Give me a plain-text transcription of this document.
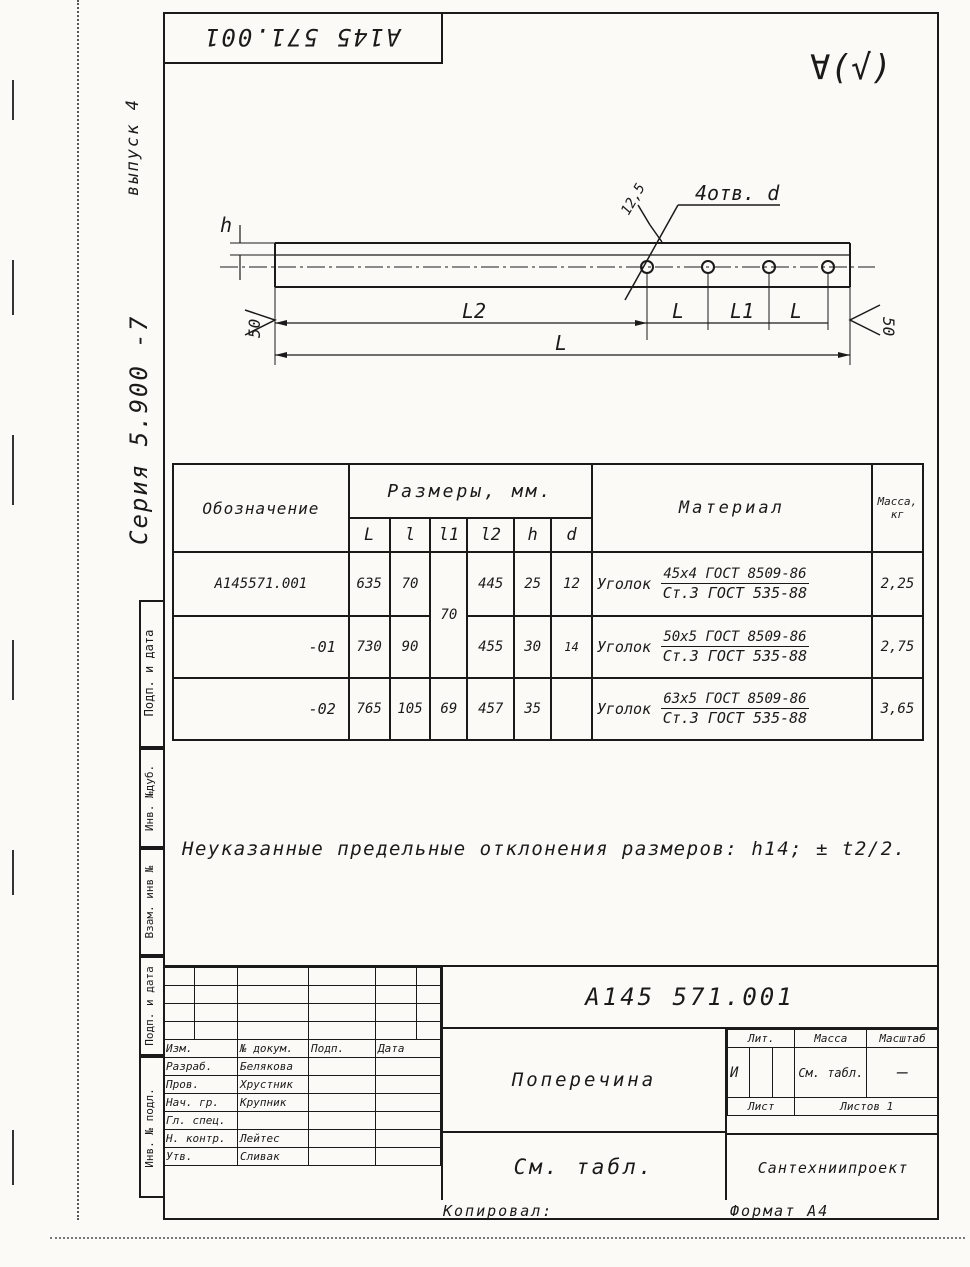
А145 571.001
∀(√)
Серия 5.900 -7
выпуск 4
Подп. и дата
Инв. №дуб.
Взам. инв №
Подп. и дата
Инв. № подл.
4отв. d
12,5
h
L2
L
L L1 L
50	50
Обозначение	Размеры, мм.						Материал	Масса, кг
	L	l	l1	l2	h	d		
А145571.001	635	70	70	445	25	12	Уголок $\frac{\text{45х4 ГОСТ 8509-86}}{\text{Ст.3 ГОСТ 535-88}}$	2,25
-01	730	90		455	30	14	Уголок $\frac{\text{50х5 ГОСТ 8509-86}}{\text{Ст.3 ГОСТ 535-88}}$	2,75
-02	765	105	69	457	35		Уголок $\frac{\text{63х5 ГОСТ 8509-86}}{\text{Ст.3 ГОСТ 535-88}}$	3,65
Неуказанные предельные отклонения размеров: h14; ± t2/2.

Изм.		№ докум.	Подп.	Дата	
Разраб.		Белякова			
Пров.		Хрустник			
Нач. гр.		Крупник			
Гл. спец.					
Н. контр.		Лейтес			
Утв.		Сливак			
А145 571.001
Поперечина
См. табл.
Лит.			Масса	Масштаб
И			См. табл.	—
Лист			Листов 1	
Сантехниипроект
Копировал:	Формат А4
